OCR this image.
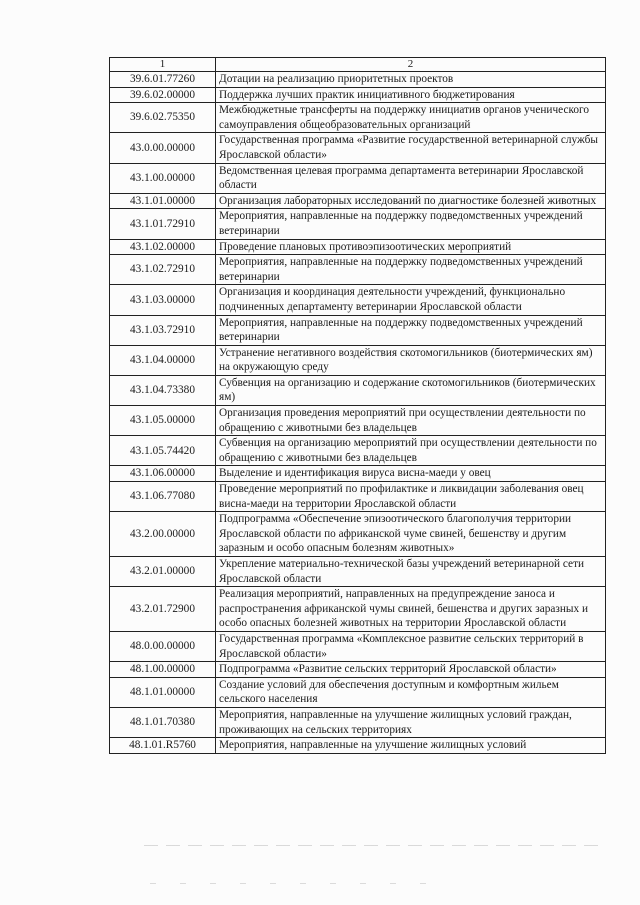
1	2
39.6.01.77260	Дотации на реализацию приоритетных проектов
39.6.02.00000	Поддержка лучших практик инициативного бюджетирования
39.6.02.75350	Межбюджетные трансферты на поддержку инициатив органов ученического самоуправления общеобразовательных организаций
43.0.00.00000	Государственная программа «Развитие государственной ветеринарной службы Ярославской области»
43.1.00.00000	Ведомственная целевая программа департамента ветеринарии Ярославской области
43.1.01.00000	Организация лабораторных исследований по диагностике болезней животных
43.1.01.72910	Мероприятия, направленные на поддержку подведомственных учреждений ветеринарии
43.1.02.00000	Проведение плановых противоэпизоотических мероприятий
43.1.02.72910	Мероприятия, направленные на поддержку подведомственных учреждений ветеринарии
43.1.03.00000	Организация и координация деятельности учреждений, функционально подчиненных департаменту ветеринарии Ярославской области
43.1.03.72910	Мероприятия, направленные на поддержку подведомственных учреждений ветеринарии
43.1.04.00000	Устранение негативного воздействия скотомогильников (биотермических ям) на окружающую среду
43.1.04.73380	Субвенция на организацию и содержание скотомогильников (биотермических ям)
43.1.05.00000	Организация проведения мероприятий при осуществлении деятельности по обращению с животными без владельцев
43.1.05.74420	Субвенция на организацию мероприятий при осуществлении деятельности по обращению с животными без владельцев
43.1.06.00000	Выделение и идентификация вируса висна-маеди у овец
43.1.06.77080	Проведение мероприятий по профилактике и ликвидации заболевания овец висна-маеди на территории Ярославской области
43.2.00.00000	Подпрограмма «Обеспечение эпизоотического благополучия территории Ярославской области по африканской чуме свиней, бешенству и другим заразным и особо опасным болезням животных»
43.2.01.00000	Укрепление материально-технической базы учреждений ветеринарной сети Ярославской области
43.2.01.72900	Реализация мероприятий, направленных на предупреждение заноса и распространения африканской чумы свиней, бешенства и других заразных и особо опасных болезней животных на территории Ярославской области
48.0.00.00000	Государственная программа «Комплексное развитие сельских территорий в Ярославской области»
48.1.00.00000	Подпрограмма «Развитие сельских территорий Ярославской области»
48.1.01.00000	Создание условий для обеспечения доступным и комфортным жильем сельского населения
48.1.01.70380	Мероприятия, направленные на улучшение жилищных условий граждан, проживающих на сельских территориях
48.1.01.R5760	Мероприятия, направленные на улучшение жилищных условий
